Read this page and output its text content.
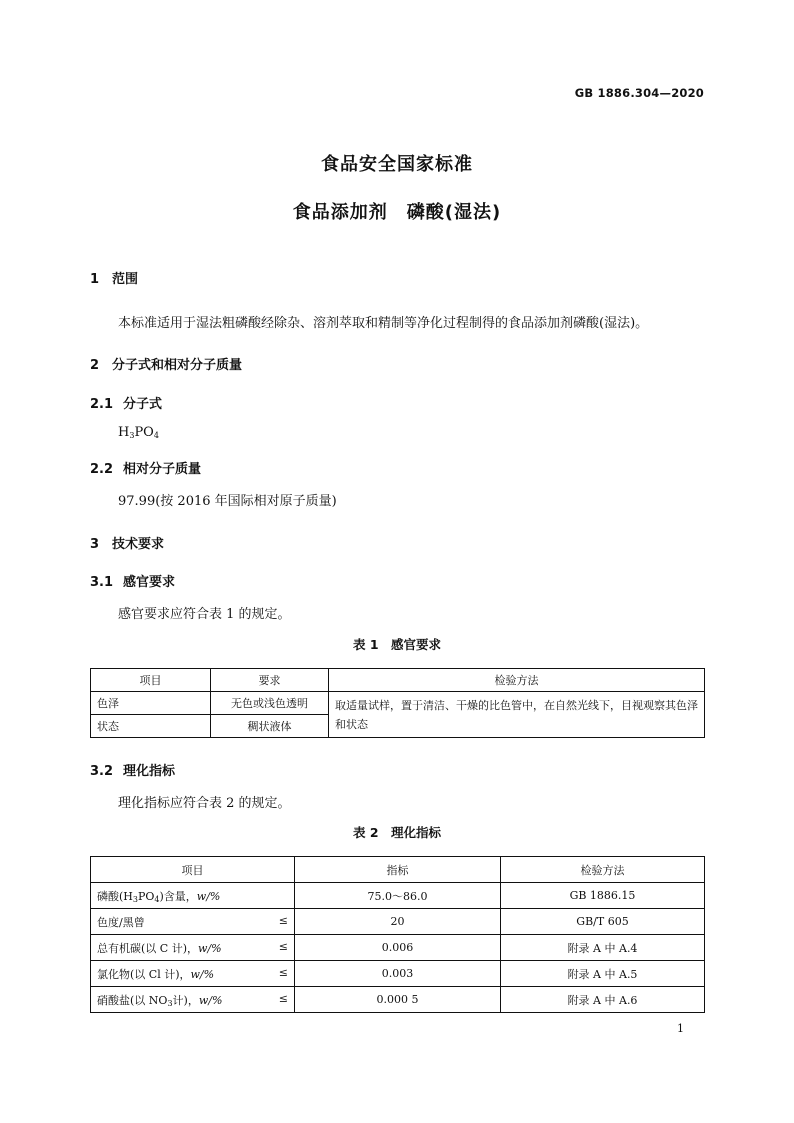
GB 1886.304—2020
食品安全国家标准
食品添加剂　磷酸(湿法)
1 范围
本标准适用于湿法粗磷酸经除杂、溶剂萃取和精制等净化过程制得的食品添加剂磷酸(湿法)。
2 分子式和相对分子质量
2.1 分子式
$H_3PO_4$
2.2 相对分子质量
97.99(按 2016 年国际相对原子质量)
3 技术要求
3.1 感官要求
感官要求应符合表 1 的规定。
表 1　感官要求
项目	要求	检验方法
色泽	无色或浅色透明	取适量试样，置于清洁、干燥的比色管中，在自然光线下，目视观察其色泽和状态
状态	稠状液体	
3.2 理化指标
理化指标应符合表 2 的规定。
表 2　理化指标
项目	指标	检验方法
磷酸$(H_3PO_4)$含量，w/%	75.0～86.0	GB 1886.15
色度/黑曾 ≤	20	GB/T 605
总有机碳(以 C 计)，w/% ≤	0.006	附录 A 中 A.4
氯化物(以 Cl 计)，w/% ≤	0.003	附录 A 中 A.5
硝酸盐(以 $NO_3$计)，w/% ≤	0.000 5	附录 A 中 A.6
1
